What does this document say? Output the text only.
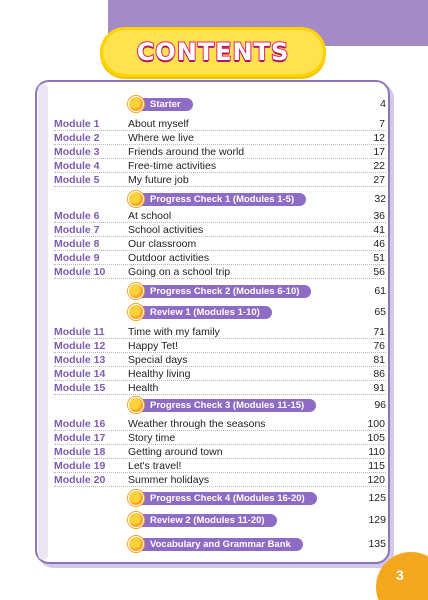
CONTENTS
Starter	4
Module 1	About myself	7
Module 2	Where we live	12
Module 3	Friends around the world	17
Module 4	Free-time activities	22
Module 5	My future job	27
Progress Check 1 (Modules 1-5)	32
Module 6	At school	36
Module 7	School activities	41
Module 8	Our classroom	46
Module 9	Outdoor activities	51
Module 10	Going on a school trip	56
Progress Check 2 (Modules 6-10)	61
Review 1 (Modules 1-10)	65
Module 11	Time with my family	71
Module 12	Happy Tet!	76
Module 13	Special days	81
Module 14	Healthy living	86
Module 15	Health	91
Progress Check 3 (Modules 11-15)	96
Module 16	Weather through the seasons	100
Module 17	Story time	105
Module 18	Getting around town	110
Module 19	Let's travel!	115
Module 20	Summer holidays	120
Progress Check 4 (Modules 16-20)	125
Review 2 (Modules 11-20)	129
Vocabulary and Grammar Bank	135
3
